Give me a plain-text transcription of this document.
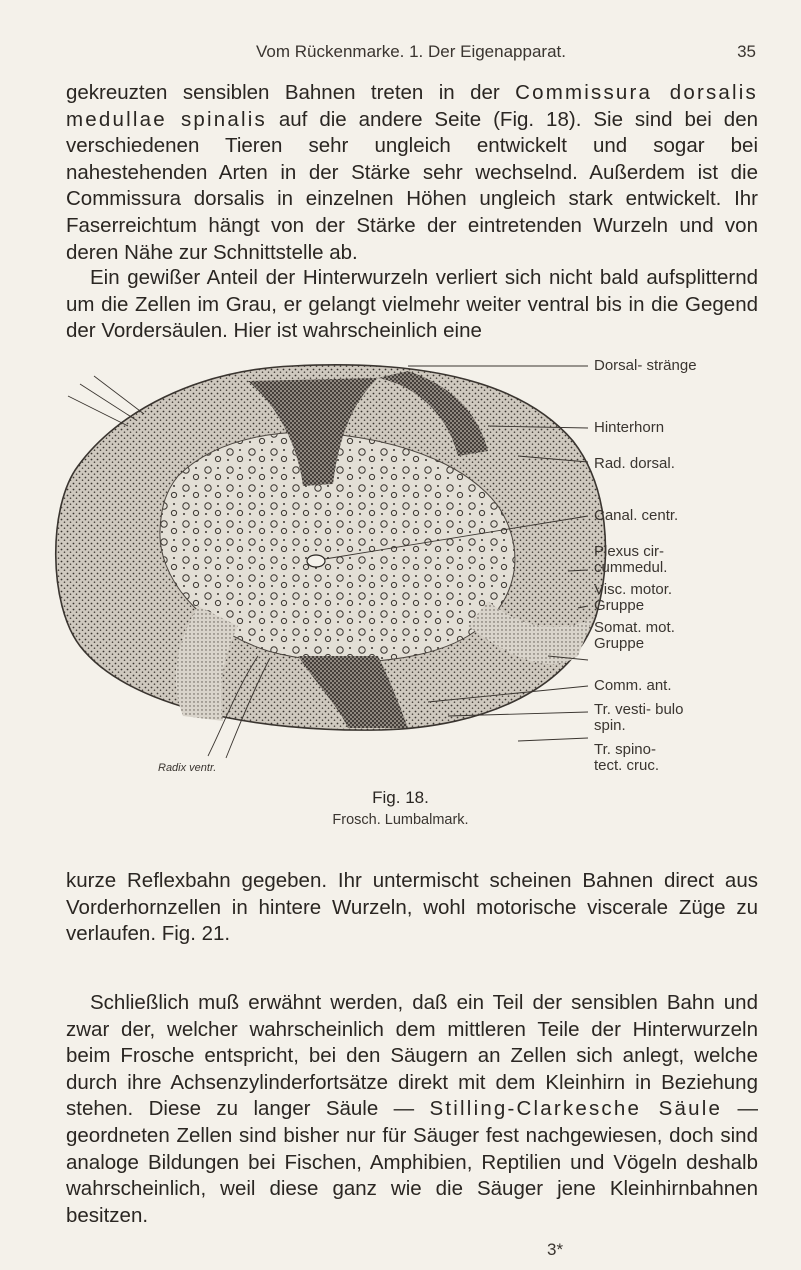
Vom Rückenmarke. 1. Der Eigenapparat.	35

gekreuzten sensiblen Bahnen treten in der Commissura dorsalis medullae spinalis auf die andere Seite (Fig. 18). Sie sind bei den verschiedenen Tieren sehr ungleich entwickelt und sogar bei nahestehenden Arten in der Stärke sehr wechselnd. Außerdem ist die Commissura dorsalis in einzelnen Höhen ungleich stark entwickelt. Ihr Faserreichtum hängt von der Stärke der eintretenden Wurzeln und von deren Nähe zur Schnittstelle ab.

Ein gewißer Anteil der Hinterwurzeln verliert sich nicht bald aufsplitternd um die Zellen im Grau, er gelangt vielmehr weiter ventral bis in die Gegend der Vordersäulen. Hier ist wahrscheinlich eine

Dorsal- stränge
Hinterhorn
Rad. dorsal.
Canal. centr.
Plexus cir- cummedul.
Visc. motor. Gruppe
Somat. mot. Gruppe
Comm. ant.
Tr. vesti- bulo spin.
Tr. spino- tect. cruc.
Radix ventr.
Fig. 18.
Frosch. Lumbalmark.

kurze Reflexbahn gegeben. Ihr untermischt scheinen Bahnen direct aus Vorderhornzellen in hintere Wurzeln, wohl motorische viscerale Züge zu verlaufen. Fig. 21.

Schließlich muß erwähnt werden, daß ein Teil der sensiblen Bahn und zwar der, welcher wahrscheinlich dem mittleren Teile der Hinterwurzeln beim Frosche entspricht, bei den Säugern an Zellen sich anlegt, welche durch ihre Achsenzylinderfortsätze direkt mit dem Kleinhirn in Beziehung stehen. Diese zu langer Säule — Stilling-Clarkesche Säule — geordneten Zellen sind bisher nur für Säuger fest nachgewiesen, doch sind analoge Bildungen bei Fischen, Amphibien, Reptilien und Vögeln deshalb wahrscheinlich, weil diese ganz wie die Säuger jene Kleinhirnbahnen besitzen.

3*
